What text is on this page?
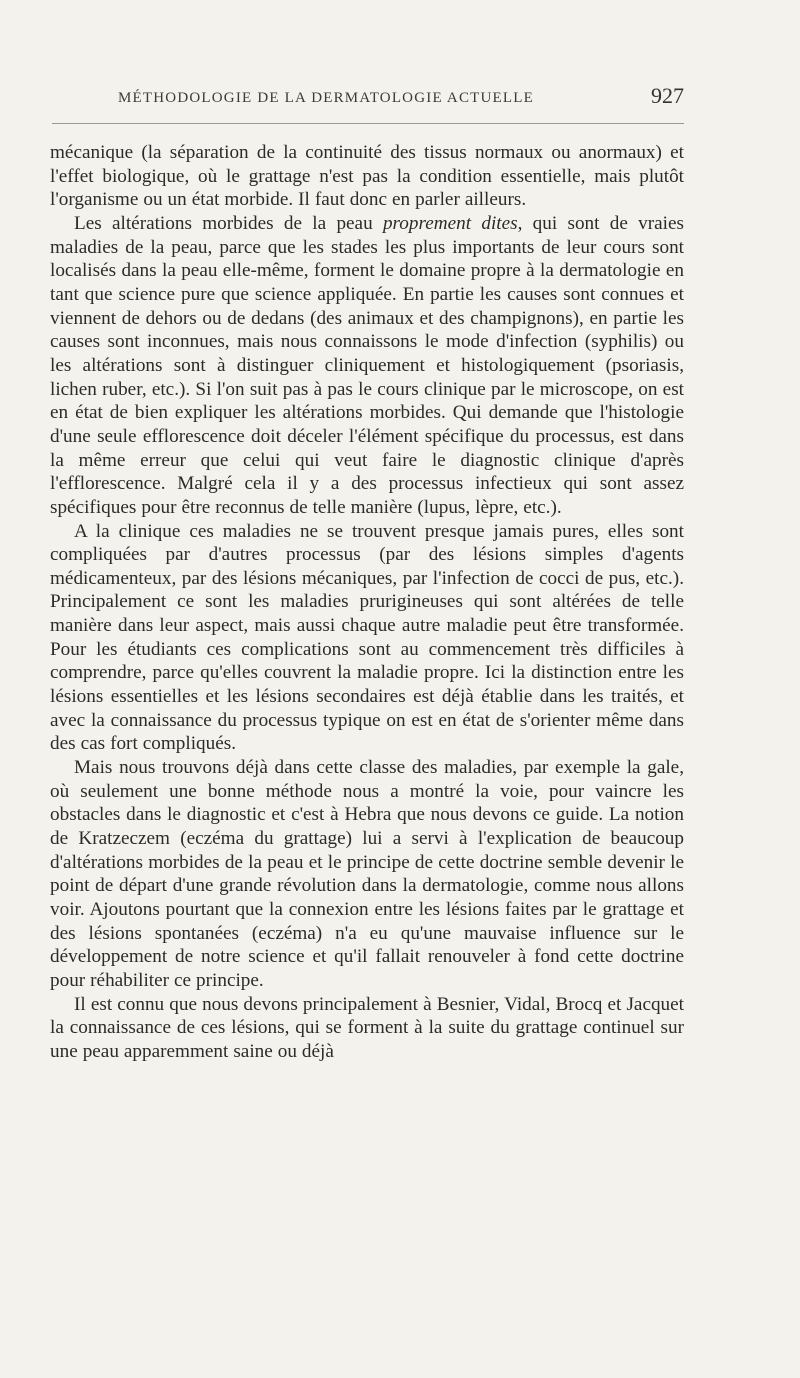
MÉTHODOLOGIE DE LA DERMATOLOGIE ACTUELLE	927

mécanique (la séparation de la continuité des tissus normaux ou anormaux) et l'effet biologique, où le grattage n'est pas la condition essentielle, mais plutôt l'organisme ou un état morbide. Il faut donc en parler ailleurs.

Les altérations morbides de la peau proprement dites, qui sont de vraies maladies de la peau, parce que les stades les plus importants de leur cours sont localisés dans la peau elle-même, forment le domaine propre à la dermatologie en tant que science pure que science appliquée. En partie les causes sont connues et viennent de dehors ou de dedans (des animaux et des champignons), en partie les causes sont inconnues, mais nous connaissons le mode d'infection (syphilis) ou les altérations sont à distinguer cliniquement et histologiquement (psoriasis, lichen ruber, etc.). Si l'on suit pas à pas le cours clinique par le microscope, on est en état de bien expliquer les altérations morbides. Qui demande que l'histologie d'une seule efflorescence doit déceler l'élément spécifique du processus, est dans la même erreur que celui qui veut faire le diagnostic clinique d'après l'efflorescence. Malgré cela il y a des processus infectieux qui sont assez spécifiques pour être reconnus de telle manière (lupus, lèpre, etc.).

A la clinique ces maladies ne se trouvent presque jamais pures, elles sont compliquées par d'autres processus (par des lésions simples d'agents médicamenteux, par des lésions mécaniques, par l'infection de cocci de pus, etc.). Principalement ce sont les maladies prurigineuses qui sont altérées de telle manière dans leur aspect, mais aussi chaque autre maladie peut être transformée. Pour les étudiants ces complications sont au commencement très difficiles à comprendre, parce qu'elles couvrent la maladie propre. Ici la distinction entre les lésions essentielles et les lésions secondaires est déjà établie dans les traités, et avec la connaissance du processus typique on est en état de s'orienter même dans des cas fort compliqués.

Mais nous trouvons déjà dans cette classe des maladies, par exemple la gale, où seulement une bonne méthode nous a montré la voie, pour vaincre les obstacles dans le diagnostic et c'est à Hebra que nous devons ce guide. La notion de Kratzeczem (eczéma du grattage) lui a servi à l'explication de beaucoup d'altérations morbides de la peau et le principe de cette doctrine semble devenir le point de départ d'une grande révolution dans la dermatologie, comme nous allons voir. Ajoutons pourtant que la connexion entre les lésions faites par le grattage et des lésions spontanées (eczéma) n'a eu qu'une mauvaise influence sur le développement de notre science et qu'il fallait renouveler à fond cette doctrine pour réhabiliter ce principe.

Il est connu que nous devons principalement à Besnier, Vidal, Brocq et Jacquet la connaissance de ces lésions, qui se forment à la suite du grattage continuel sur une peau apparemment saine ou déjà
